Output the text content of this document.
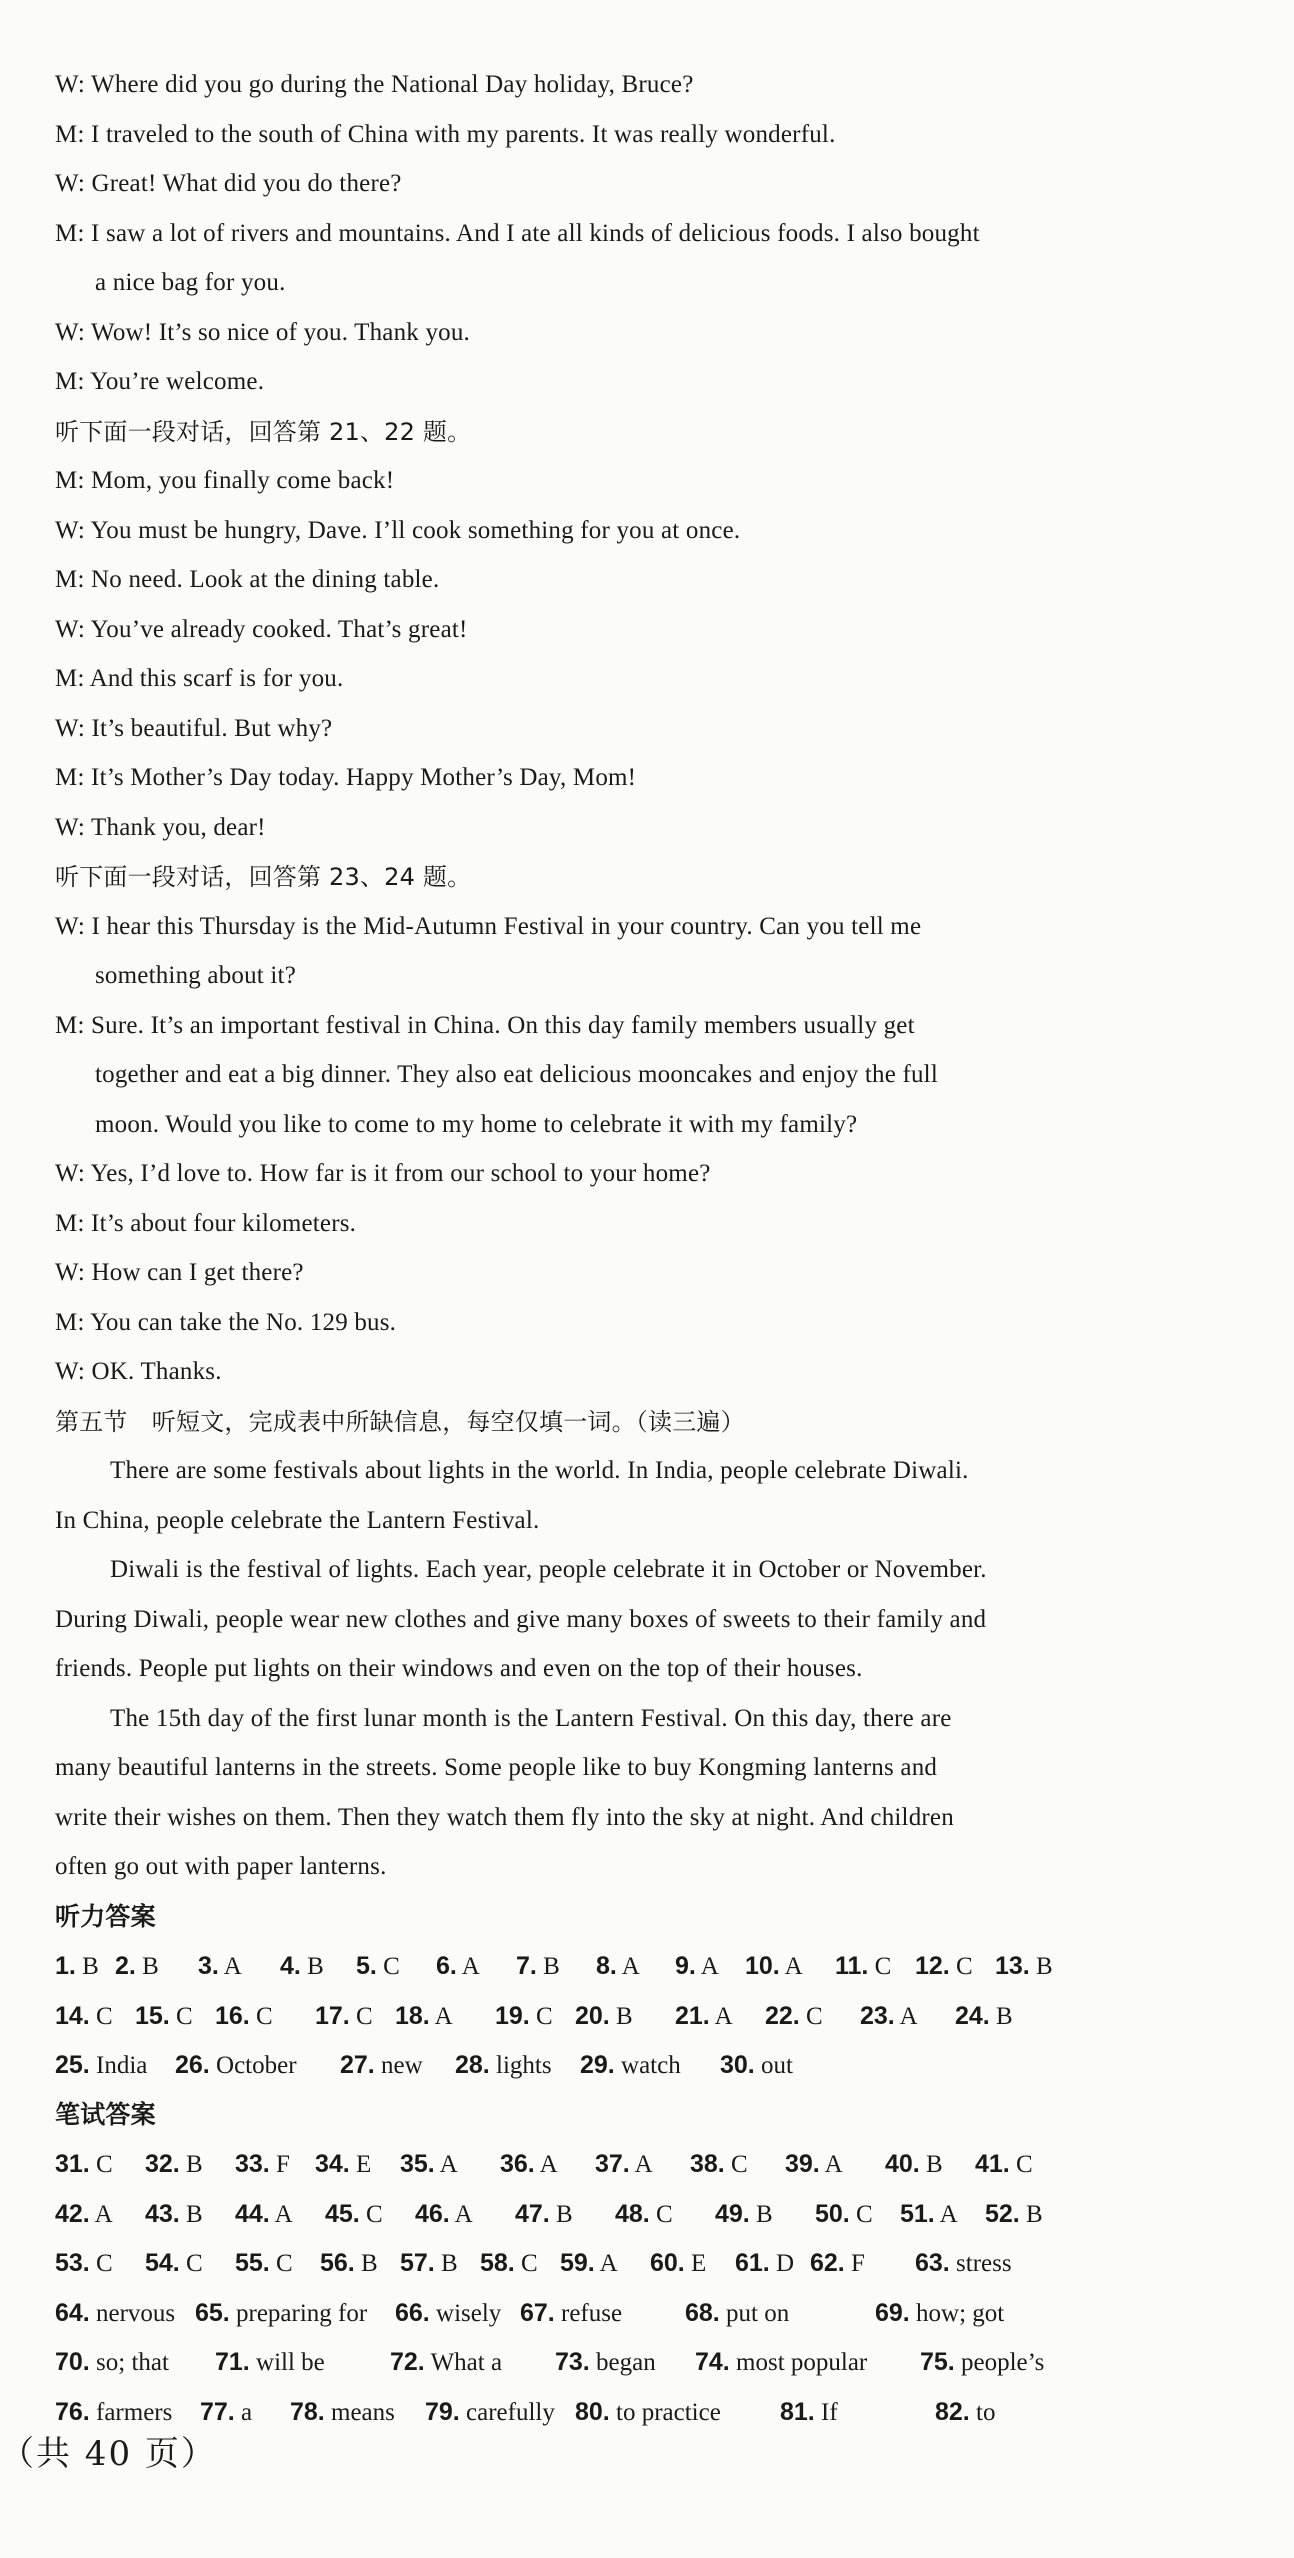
W: Where did you go during the National Day holiday, Bruce?
M: I traveled to the south of China with my parents. It was really wonderful.
W: Great! What did you do there?
M: I saw a lot of rivers and mountains. And I ate all kinds of delicious foods. I also bought
a nice bag for you.
W: Wow! It’s so nice of you. Thank you.
M: You’re welcome.
听下面一段对话，回答第 21、22 题。
M: Mom, you finally come back!
W: You must be hungry, Dave. I’ll cook something for you at once.
M: No need. Look at the dining table.
W: You’ve already cooked. That’s great!
M: And this scarf is for you.
W: It’s beautiful. But why?
M: It’s Mother’s Day today. Happy Mother’s Day, Mom!
W: Thank you, dear!
听下面一段对话，回答第 23、24 题。
W: I hear this Thursday is the Mid-Autumn Festival in your country. Can you tell me
something about it?
M: Sure. It’s an important festival in China. On this day family members usually get
together and eat a big dinner. They also eat delicious mooncakes and enjoy the full
moon. Would you like to come to my home to celebrate it with my family?
W: Yes, I’d love to. How far is it from our school to your home?
M: It’s about four kilometers.
W: How can I get there?
M: You can take the No. 129 bus.
W: OK. Thanks.
第五节　听短文，完成表中所缺信息，每空仅填一词。（读三遍）
There are some festivals about lights in the world. In India, people celebrate Diwali.
In China, people celebrate the Lantern Festival.
Diwali is the festival of lights. Each year, people celebrate it in October or November.
During Diwali, people wear new clothes and give many boxes of sweets to their family and
friends. People put lights on their windows and even on the top of their houses.
The 15th day of the first lunar month is the Lantern Festival. On this day, there are
many beautiful lanterns in the streets. Some people like to buy Kongming lanterns and
write their wishes on them. Then they watch them fly into the sky at night. And children
often go out with paper lanterns.
听力答案
1. B 2. B 3. A 4. B 5. C 6. A 7. B 8. A 9. A 10. A 11. C 12. C 13. B
14. C 15. C 16. C 17. C 18. A 19. C 20. B 21. A 22. C 23. A 24. B
25. India 26. October 27. new 28. lights 29. watch 30. out
笔试答案
31. C 32. B 33. F 34. E 35. A 36. A 37. A 38. C 39. A 40. B 41. C
42. A 43. B 44. A 45. C 46. A 47. B 48. C 49. B 50. C 51. A 52. B
53. C 54. C 55. C 56. B 57. B 58. C 59. A 60. E 61. D 62. F 63. stress
64. nervous 65. preparing for 66. wisely 67. refuse	68. put on	69. how; got
70. so; that 71. will be	72. What a 73. began 74. most popular 75. people’s
76. farmers 77. a 78. means 79. carefully 80. to practice 81. If	82. to
（共 40 页）
